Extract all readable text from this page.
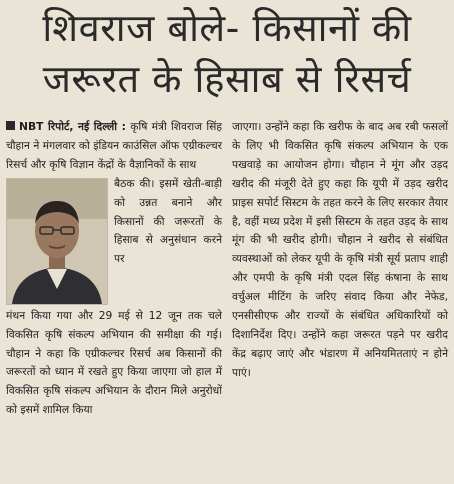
शिवराज बोले- किसानों की
जरूरत के हिसाब से रिसर्च

NBT रिपोर्ट, नई दिल्ली : कृषि मंत्री शिवराज सिंह चौहान ने मंगलवार को इंडियन काउंसिल ऑफ एग्रीकल्चर रिसर्च और कृषि विज्ञान केंद्रों के वैज्ञानिकों के साथ

बैठक की। इसमें खेती-बाड़ी को उन्नत बनाने और किसानों की जरूरतों के हिसाब से अनुसंधान करने पर

मंथन किया गया और 29 मई से 12 जून तक चले विकसित कृषि संकल्प अभियान की समीक्षा की गई। चौहान ने कहा कि एग्रीकल्चर रिसर्च अब किसानों की जरूरतों को ध्यान में रखते हुए किया जाएगा जो हाल में विकसित कृषि संकल्प अभियान के दौरान मिले अनुरोधों को इसमें शामिल किया

जाएगा। उन्होंने कहा कि खरीफ के बाद अब रबी फसलों के लिए भी विकसित कृषि संकल्प अभियान के एक पखवाड़े का आयोजन होगा। चौहान ने मूंग और उड़द खरीद की मंजूरी देते हुए कहा कि यूपी में उड़द खरीद प्राइस सपोर्ट सिस्टम के तहत करने के लिए सरकार तैयार है, वहीं मध्य प्रदेश में इसी सिस्टम के तहत उड़द के साथ मूंग की भी खरीद होगी। चौहान ने खरीद से संबंधित व्यवस्थाओं को लेकर यूपी के कृषि मंत्री सूर्य प्रताप शाही और एमपी के कृषि मंत्री एदल सिंह कंषाना के साथ वर्चुअल मीटिंग के जरिए संवाद किया और नेफेड, एनसीसीएफ और राज्यों के संबंधित अधिकारियों को दिशानिर्देश दिए। उन्होंने कहा जरूरत पड़ने पर खरीद केंद्र बढ़ाए जाएं और भंडारण में अनियमितताएं न होने पाएं।
